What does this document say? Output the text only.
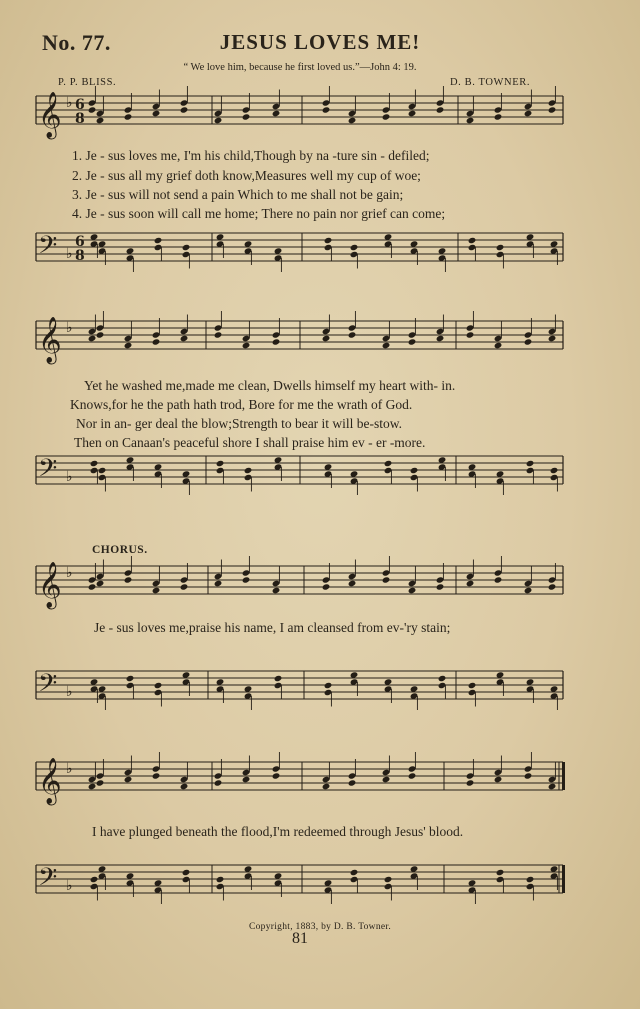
𝄞
𝄢
♭
♭
6
8
6
8
𝄞
𝄢
♭
♭
𝄞
𝄢
♭
♭
𝄞
𝄢
♭
♭
No. 77.	JESUS LOVES ME!
“ We love him, because he first loved us.”—John 4: 19.
P. P. BLISS.	D. B. TOWNER.
1. Je - sus loves me, I'm his child,Though by na -ture sin - defiled;
2. Je - sus all my grief doth know,Measures well my cup of woe;
3. Je - sus will not send a pain Which to me shall not be gain;
4. Je - sus soon will call me home; There no pain nor grief can come;
Yet he washed me,made me clean, Dwells himself my heart with- in.
Knows,for he the path hath trod, Bore for me the wrath of God.
Nor in an- ger deal the blow;Strength to bear it will be-stow.
Then on Canaan's peaceful shore I shall praise him ev - er -more.
CHORUS.
Je - sus loves me,praise his name, I am cleansed from ev-'ry stain;
I have plunged beneath the flood,I'm redeemed through Jesus' blood.
Copyright, 1883, by D. B. Towner.
81
